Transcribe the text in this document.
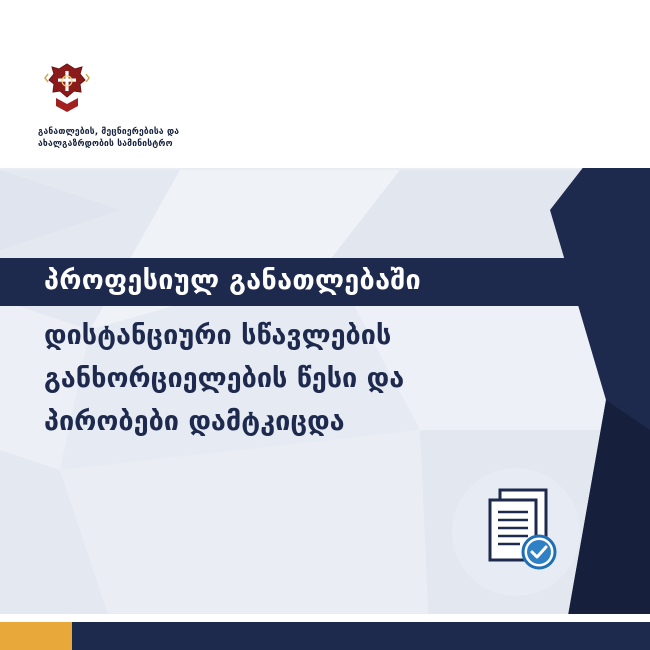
განათლების, მეცნიერებისა და
ახალგაზრდობის სამინისტრო
პროფესიულ განათლებაში
დისტანციური სწავლების
განხორციელების წესი და
პირობები დამტკიცდა
